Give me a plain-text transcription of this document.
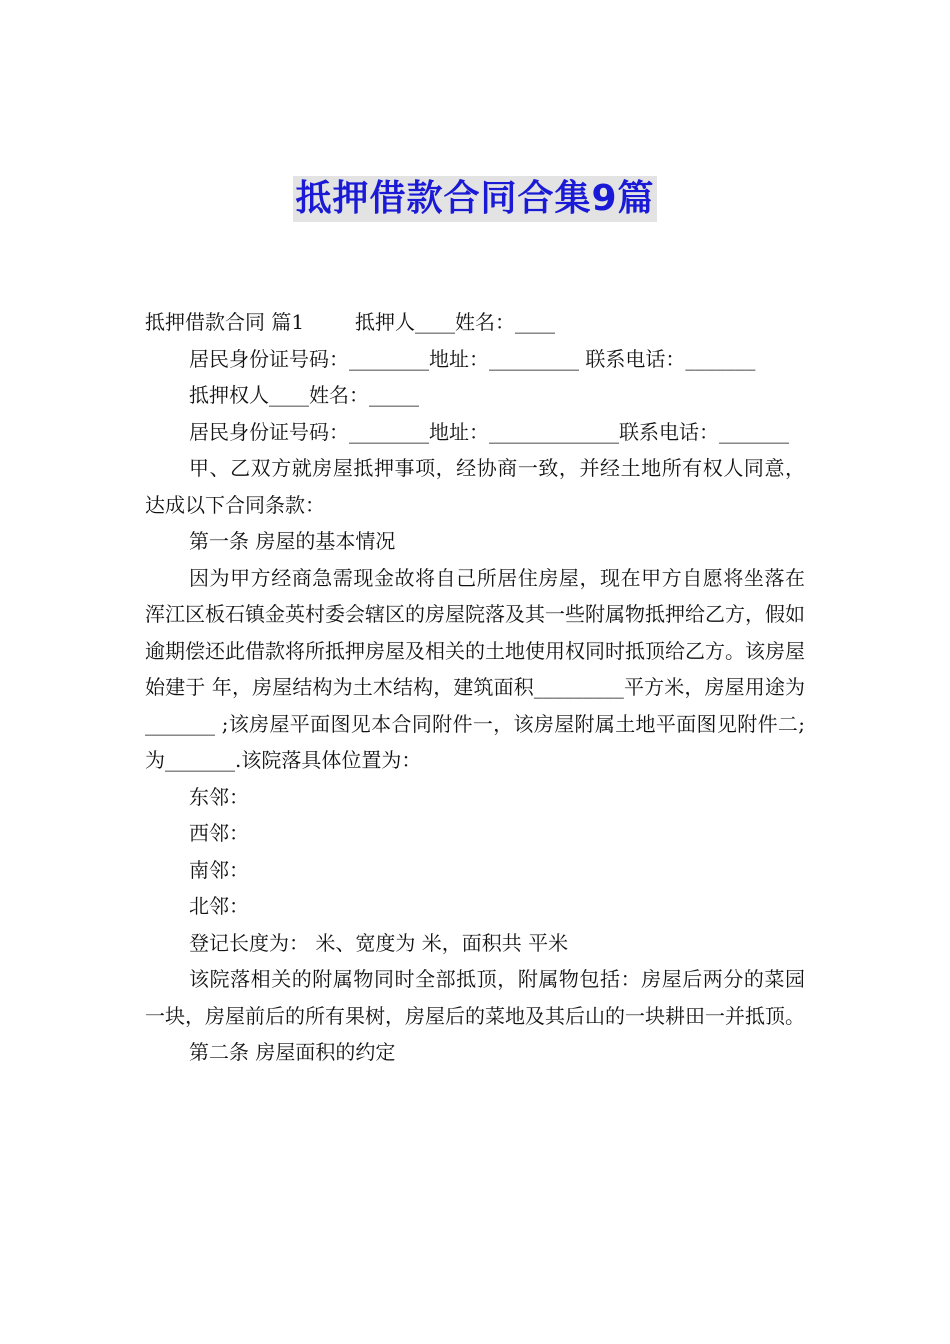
抵押借款合同合集9篇

抵押借款合同 篇1        抵押人____姓名：____

居民身份证号码：________地址：_________ 联系电话：_______

抵押权人____姓名：_____

居民身份证号码：________地址：_____________联系电话：_______

甲、乙双方就房屋抵押事项，经协商一致，并经土地所有权人同意，达成以下合同条款：

第一条 房屋的基本情况

因为甲方经商急需现金故将自己所居住房屋，现在甲方自愿将坐落在浑江区板石镇金英村委会辖区的房屋院落及其一些附属物抵押给乙方，假如逾期偿还此借款将所抵押房屋及相关的土地使用权同时抵顶给乙方。该房屋始建于 年，房屋结构为土木结构，建筑面积_________平方米，房屋用途为_______ ;该房屋平面图见本合同附件一，该房屋附属土地平面图见附件二;为_______.该院落具体位置为：

东邻：

西邻：

南邻：

北邻：

登记长度为： 米、宽度为 米，面积共 平米

该院落相关的附属物同时全部抵顶，附属物包括：房屋后两分的菜园一块，房屋前后的所有果树，房屋后的菜地及其后山的一块耕田一并抵顶。

第二条 房屋面积的约定
